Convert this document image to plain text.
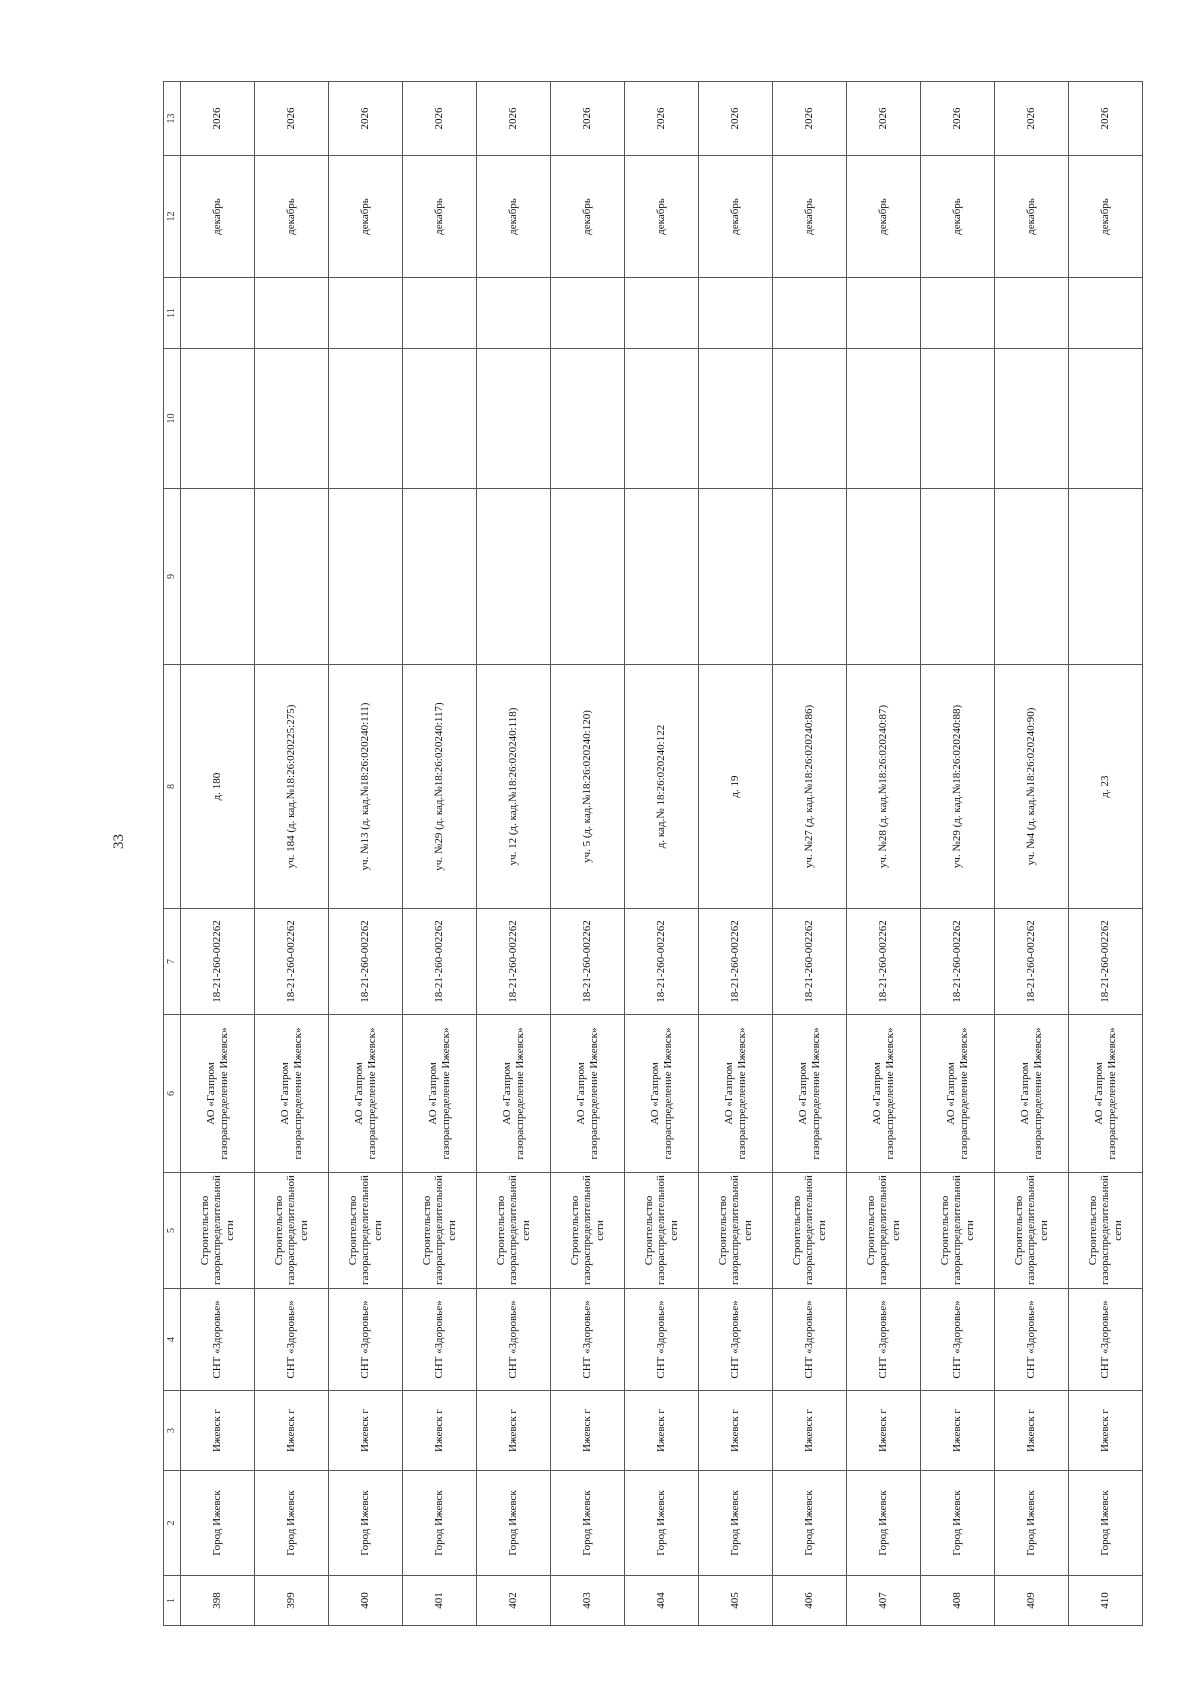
33
1	2	3	4	5	6	7	8	9	10	11	12	13
398	Город Ижевск	Ижевск г	СНТ «Здоровье»	Строительство газораспределительной сети	АО «Газпром газораспределение Ижевск»	18-21-260-002262	д. 180				декабрь	2026
399	Город Ижевск	Ижевск г	СНТ «Здоровье»	Строительство газораспределительной сети	АО «Газпром газораспределение Ижевск»	18-21-260-002262	уч. 184 (д. кад.№18:26:020225:275)				декабрь	2026
400	Город Ижевск	Ижевск г	СНТ «Здоровье»	Строительство газораспределительной сети	АО «Газпром газораспределение Ижевск»	18-21-260-002262	уч. №13 (д. кад.№18:26:020240:111)				декабрь	2026
401	Город Ижевск	Ижевск г	СНТ «Здоровье»	Строительство газораспределительной сети	АО «Газпром газораспределение Ижевск»	18-21-260-002262	уч. №29 (д. кад.№18:26:020240:117)				декабрь	2026
402	Город Ижевск	Ижевск г	СНТ «Здоровье»	Строительство газораспределительной сети	АО «Газпром газораспределение Ижевск»	18-21-260-002262	уч. 12 (д. кад.№18:26:020240:118)				декабрь	2026
403	Город Ижевск	Ижевск г	СНТ «Здоровье»	Строительство газораспределительной сети	АО «Газпром газораспределение Ижевск»	18-21-260-002262	уч. 5 (д. кад.№18:26:020240:120)				декабрь	2026
404	Город Ижевск	Ижевск г	СНТ «Здоровье»	Строительство газораспределительной сети	АО «Газпром газораспределение Ижевск»	18-21-260-002262	д. кад.№ 18:26:020240:122				декабрь	2026
405	Город Ижевск	Ижевск г	СНТ «Здоровье»	Строительство газораспределительной сети	АО «Газпром газораспределение Ижевск»	18-21-260-002262	д. 19				декабрь	2026
406	Город Ижевск	Ижевск г	СНТ «Здоровье»	Строительство газораспределительной сети	АО «Газпром газораспределение Ижевск»	18-21-260-002262	уч. №27 (д. кад.№18:26:020240:86)				декабрь	2026
407	Город Ижевск	Ижевск г	СНТ «Здоровье»	Строительство газораспределительной сети	АО «Газпром газораспределение Ижевск»	18-21-260-002262	уч. №28 (д. кад.№18:26:020240:87)				декабрь	2026
408	Город Ижевск	Ижевск г	СНТ «Здоровье»	Строительство газораспределительной сети	АО «Газпром газораспределение Ижевск»	18-21-260-002262	уч. №29 (д. кад.№18:26:020240:88)				декабрь	2026
409	Город Ижевск	Ижевск г	СНТ «Здоровье»	Строительство газораспределительной сети	АО «Газпром газораспределение Ижевск»	18-21-260-002262	уч. №4 (д. кад.№18:26:020240:90)				декабрь	2026
410	Город Ижевск	Ижевск г	СНТ «Здоровье»	Строительство газораспределительной сети	АО «Газпром газораспределение Ижевск»	18-21-260-002262	д. 23				декабрь	2026
